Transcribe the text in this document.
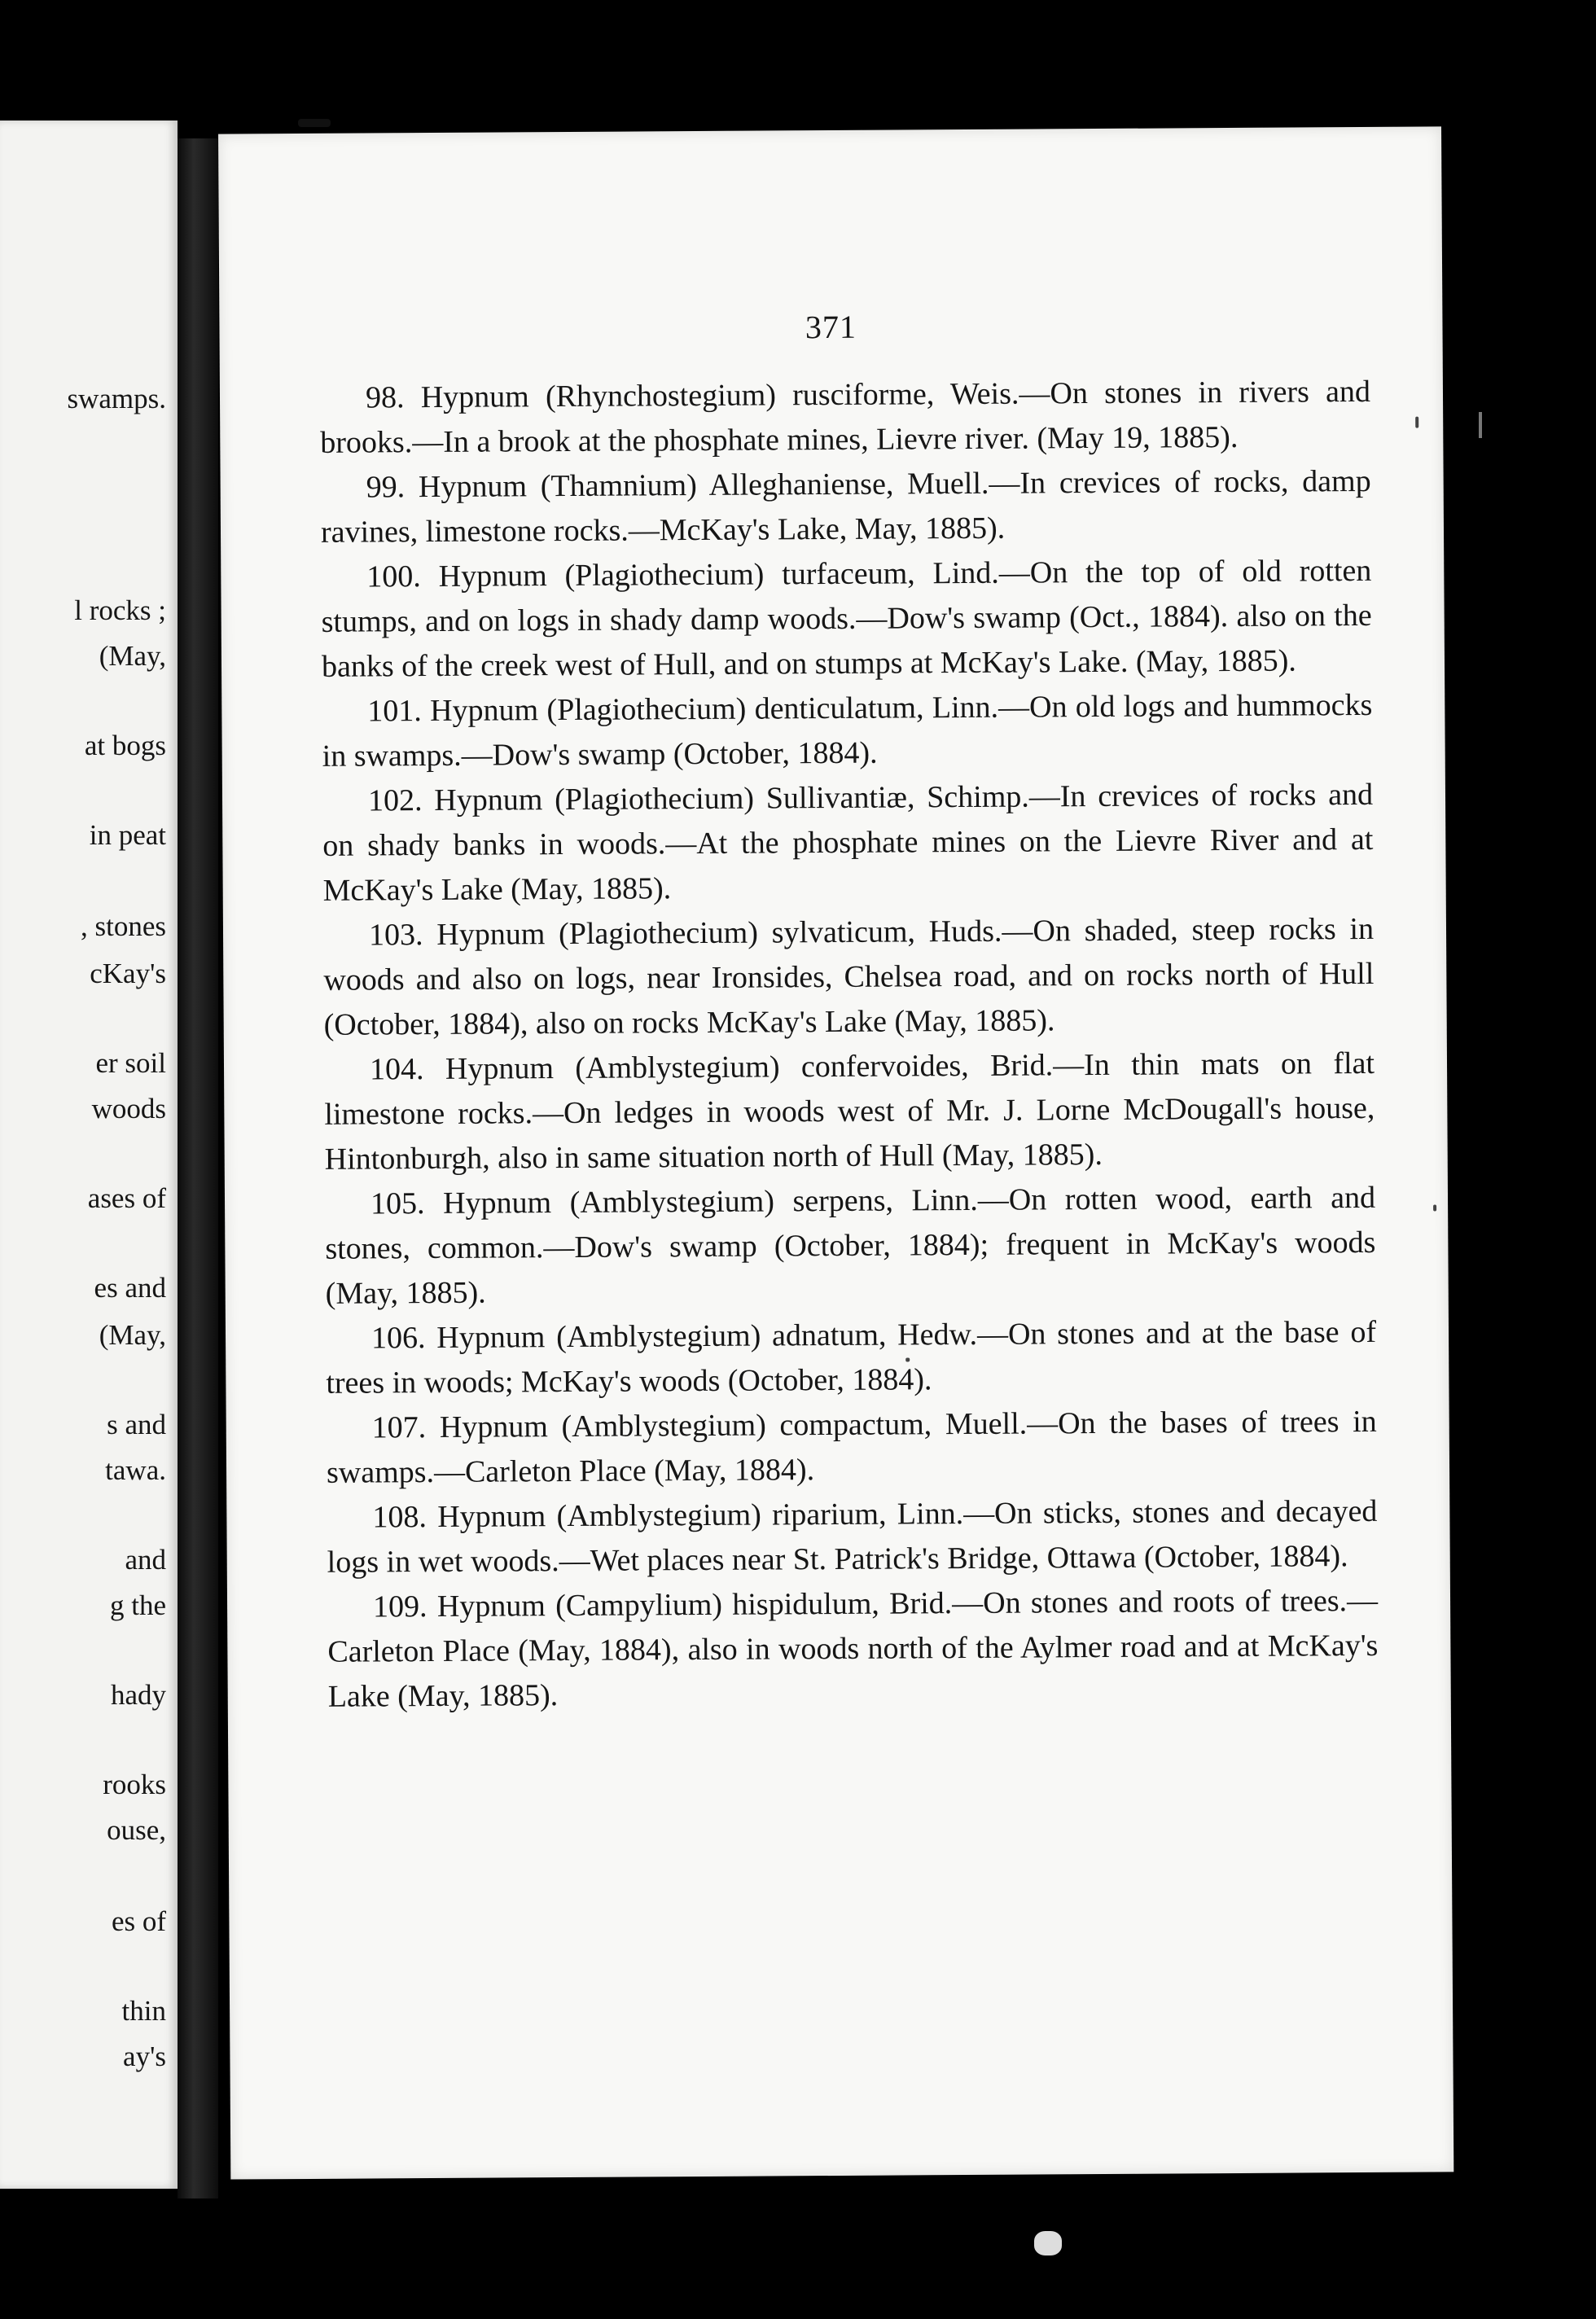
swamps.
l rocks ;
(May,
at bogs
in peat
, stones
cKay's
er soil
woods
ases of
es and
(May,
s and
tawa.
and
g the
hady
rooks
ouse,
es of
thin
ay's
371

98. Hypnum (Rhynchostegium) rusciforme, Weis.—On stones in rivers and brooks.—In a brook at the phosphate mines, Lievre river. (May 19, 1885).

99. Hypnum (Thamnium) Alleghaniense, Muell.—In crevices of rocks, damp ravines, limestone rocks.—McKay's Lake, May, 1885).

100. Hypnum (Plagiothecium) turfaceum, Lind.—On the top of old rotten stumps, and on logs in shady damp woods.—Dow's swamp (Oct., 1884). also on the banks of the creek west of Hull, and on stumps at McKay's Lake. (May, 1885).

101. Hypnum (Plagiothecium) denticulatum, Linn.—On old logs and hummocks in swamps.—Dow's swamp (October, 1884).

102. Hypnum (Plagiothecium) Sullivantiæ, Schimp.—In crevices of rocks and on shady banks in woods.—At the phosphate mines on the Lievre River and at McKay's Lake (May, 1885).

103. Hypnum (Plagiothecium) sylvaticum, Huds.—On shaded, steep rocks in woods and also on logs, near Ironsides, Chelsea road, and on rocks north of Hull (October, 1884), also on rocks McKay's Lake (May, 1885).

104. Hypnum (Amblystegium) confervoides, Brid.—In thin mats on flat limestone rocks.—On ledges in woods west of Mr. J. Lorne McDougall's house, Hintonburgh, also in same situation north of Hull (May, 1885).

105. Hypnum (Amblystegium) serpens, Linn.—On rotten wood, earth and stones, common.—Dow's swamp (October, 1884); frequent in McKay's woods (May, 1885).

106. Hypnum (Amblystegium) adnatum, Hedw.—On stones and at the base of trees in woods; McKay's woods (October, 1884).

107. Hypnum (Amblystegium) compactum, Muell.—On the bases of trees in swamps.—Carleton Place (May, 1884).

108. Hypnum (Amblystegium) riparium, Linn.—On sticks, stones and decayed logs in wet woods.—Wet places near St. Patrick's Bridge, Ottawa (October, 1884).

109. Hypnum (Campylium) hispidulum, Brid.—On stones and roots of trees.—Carleton Place (May, 1884), also in woods north of the Aylmer road and at McKay's Lake (May, 1885).
